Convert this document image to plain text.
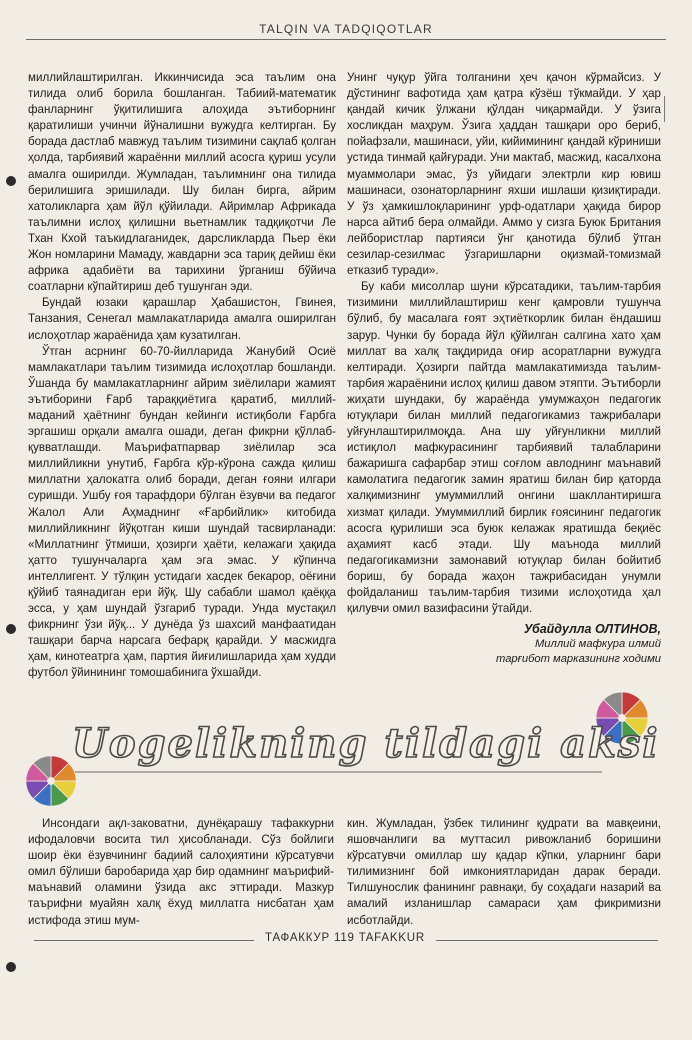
TALQIN VA TADQIQOTLAR

миллийлаштирилган. Иккинчисида эса таълим она тилида олиб борила бошланган. Табиий-математик фанларнинг ўқитилишига алоҳида эътиборнинг қаратилиши учинчи йўналишни вужудга келтирган. Бу борада дастлаб мавжуд таълим тизимини сақлаб қолган ҳолда, тарбиявий жараённи миллий асосга қуриш усули амалга оширилди. Жумладан, таълимнинг она тилида берилишига эришилади. Шу билан бирга, айрим хатоликларга ҳам йўл қўйилади. Айримлар Африкада таълимни ислоҳ қилишни вьетнамлик тадқиқотчи Ле Тхан Кхой таъкидлаганидек, дарсликларда Пьер ёки Жон номларини Мамаду, жавдарни эса тариқ дейиш ёки африка адабиёти ва тарихини ўрганиш бўйича соатларни кўпайтириш деб тушунган эди.

Бундай юзаки қарашлар Ҳабашистон, Гвинея, Танзания, Сенегал мамлакатларида амалга оширилган ислоҳотлар жараёнида ҳам кузатилган.

Ўтган асрнинг 60-70-йилларида Жанубий Осиё мамлакатлари таълим тизимида ислоҳотлар бошланди. Ўшанда бу мамлакатларнинг айрим зиёлилари жамият эътиборини Ғарб тараққиётига қаратиб, миллий-маданий ҳаётнинг бундан кейинги истиқболи Ғарбга эргашиш орқали амалга ошади, деган фикрни қўллаб-қувватлашди. Маърифатпарвар зиёлилар эса миллийликни унутиб, Ғарбга кўр-кўрона сажда қилиш миллатни ҳалокатга олиб боради, деган ғояни илгари суришди. Ушбу ғоя тарафдори бўлган ёзувчи ва педагог Жалол Али Аҳмаднинг «Ғарбийлик» китобида миллийликнинг йўқотган киши шундай тасвирланади: «Миллатнинг ўтмиши, ҳозирги ҳаёти, келажаги ҳақида ҳатто тушунчаларга ҳам эга эмас. У кўпинча интеллигент. У тўлқин устидаги хасдек бекарор, оёғини қўйиб таянадиган ери йўқ. Шу сабабли шамол қаёққа эсса, у ҳам шундай ўзгариб туради. Унда мустақил фикрнинг ўзи йўқ... У дунёда ўз шахсий манфаатидан ташқари барча нарсага бефарқ қарайди. У масжидга ҳам, кинотеатрга ҳам, партия йиғилишларида ҳам худди футбол ўйинининг томошабинига ўхшайди.

Унинг чуқур ўйга толганини ҳеч қачон кўрмайсиз. У дўстининг вафотида ҳам қатра кўзёш тўкмайди. У ҳар қандай кичик ўлжани қўлдан чиқармайди. У ўзига хосликдан маҳрум. Ўзига ҳаддан ташқари оро бериб, пойафзали, машинаси, уйи, кийимининг қандай кўриниши устида тинмай қайғуради. Уни мактаб, масжид, касалхона муаммолари эмас, ўз уйидаги электрли кир ювиш машинаси, озонаторларнинг яхши ишлаши қизиқтиради. У ўз ҳамкишлоқларининг урф-одатлари ҳақида бирор нарса айтиб бера олмайди. Аммо у сизга Буюк Британия лейбористлар партияси ўнг қанотида бўлиб ўтган сезилар-сезилмас ўзгаришларни оқизмай-томизмай етказиб туради».

Бу каби мисоллар шуни кўрсатадики, таълим-тарбия тизимини миллийлаштириш кенг қамровли тушунча бўлиб, бу масалага ғоят эҳтиёткорлик билан ёндашиш зарур. Чунки бу борада йўл қўйилган салгина хато ҳам миллат ва халқ тақдирида оғир асоратларни вужудга келтиради. Ҳозирги пайтда мамлакатимизда таълим-тарбия жараёнини ислоҳ қилиш давом этяпти. Эътиборли жиҳати шундаки, бу жараёнда умумжаҳон педагогик ютуқлари билан миллий педагогикамиз тажрибалари уйғунлаштирилмоқда. Ана шу уйғунликни миллий истиқлол мафкурасининг тарбиявий талабларини бажаришга сафарбар этиш соғлом авлоднинг маънавий камолатига педагогик замин яратиш билан бир қаторда халқимизнинг умуммиллий онгини шакллантиришга хизмат қилади. Умуммиллий бирлик ғоясининг педагогик асосга қурилиши эса буюк келажак яратишда беқиёс аҳамият касб этади. Шу маънода миллий педагогикамизни замонавий ютуқлар билан бойитиб бориш, бу борада жаҳон тажрибасидан унумли фойдаланиш таълим-тарбия тизими ислоҳотида ҳал қилувчи омил вазифасини ўтайди.

Убайдулла ОЛТИНОВ,
Миллий мафкура илмий
тарғибот марказининг ходими
Uogelikning tildagi aksi

Инсондаги ақл-заковатни, дунёқарашу тафаккурни ифодаловчи восита тил ҳисобланади. Сўз бойлиги шоир ёки ёзувчининг бадиий салоҳиятини кўрсатувчи омил бўлиши баробарида ҳар бир одамнинг маърифий-маънавий оламини ўзида акс эттиради. Мазкур таърифни муайян халқ ёхуд миллатга нисбатан ҳам истифода этиш мум-

кин. Жумладан, ўзбек тилининг қудрати ва мавқеини, яшовчанлиги ва муттасил ривожланиб боришини кўрсатувчи омиллар шу қадар кўпки, уларнинг бари тилимизнинг бой имкониятларидан дарак беради. Тилшунослик фанининг равнақи, бу соҳадаги назарий ва амалий изланишлар самараси ҳам фикримизни исботлайди.

ТАФАККУР 119 TAFAKKUR
